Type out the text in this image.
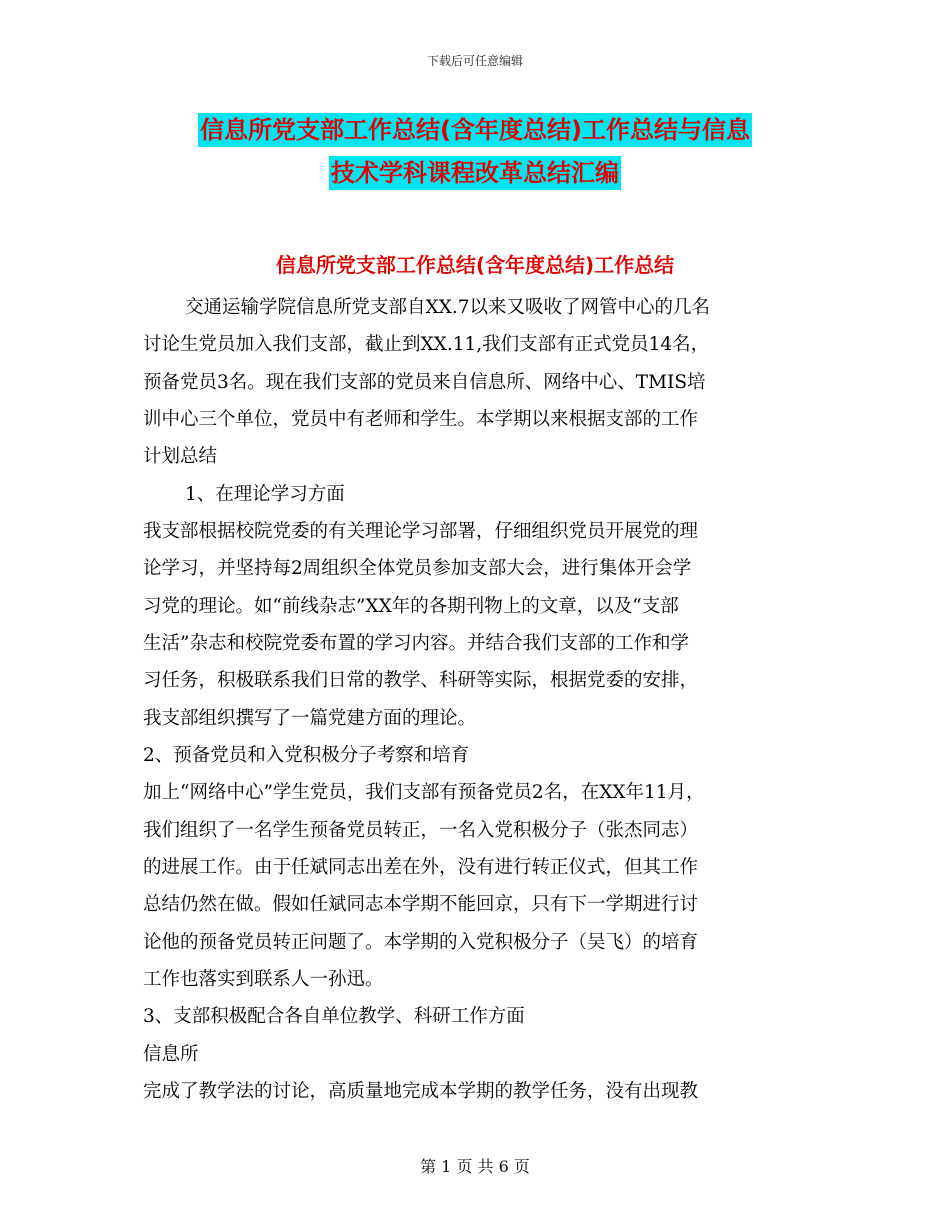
下载后可任意编辑
信息所党支部工作总结(含年度总结)工作总结与信息
技术学科课程改革总结汇编
信息所党支部工作总结(含年度总结)工作总结
交通运输学院信息所党支部自XX.7以来又吸收了网管中心的几名
讨论生党员加入我们支部，截止到XX.11,我们支部有正式党员14名，
预备党员3名。现在我们支部的党员来自信息所、网络中心、TMIS培
训中心三个单位，党员中有老师和学生。本学期以来根据支部的工作
计划总结
1、在理论学习方面
我支部根据校院党委的有关理论学习部署，仔细组织党员开展党的理
论学习，并坚持每2周组织全体党员参加支部大会，进行集体开会学
习党的理论。如“前线杂志”XX年的各期刊物上的文章，以及“支部
生活”杂志和校院党委布置的学习内容。并结合我们支部的工作和学
习任务，积极联系我们日常的教学、科研等实际，根据党委的安排，
我支部组织撰写了一篇党建方面的理论。
2、预备党员和入党积极分子考察和培育
加上“网络中心”学生党员，我们支部有预备党员2名，在XX年11月，
我们组织了一名学生预备党员转正，一名入党积极分子（张杰同志）
的进展工作。由于任斌同志出差在外，没有进行转正仪式，但其工作
总结仍然在做。假如任斌同志本学期不能回京，只有下一学期进行讨
论他的预备党员转正问题了。本学期的入党积极分子（吴飞）的培育
工作也落实到联系人一孙迅。
3、支部积极配合各自单位教学、科研工作方面
信息所
完成了教学法的讨论，高质量地完成本学期的教学任务，没有出现教
第 1 页 共 6 页
